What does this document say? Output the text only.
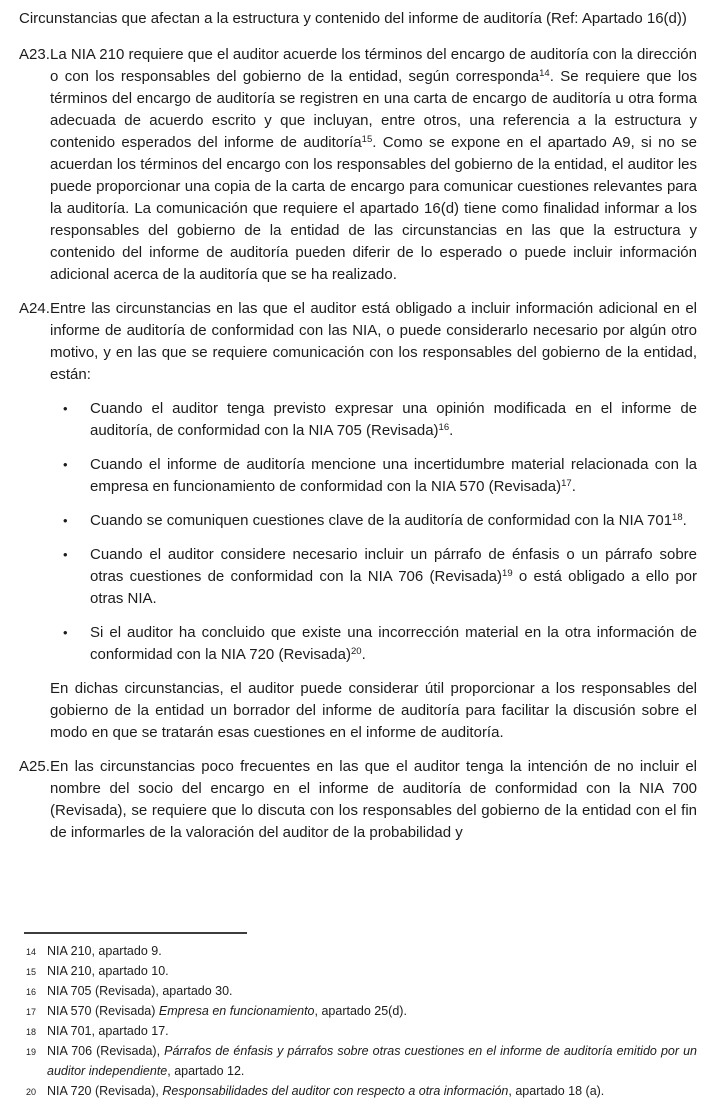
Circunstancias que afectan a la estructura y contenido del informe de auditoría (Ref: Apartado 16(d))
A23. La NIA 210 requiere que el auditor acuerde los términos del encargo de auditoría con la dirección o con los responsables del gobierno de la entidad, según corresponda$^{14}$. Se requiere que los términos del encargo de auditoría se registren en una carta de encargo de auditoría u otra forma adecuada de acuerdo escrito y que incluyan, entre otros, una referencia a la estructura y contenido esperados del informe de auditoría$^{15}$. Como se expone en el apartado A9, si no se acuerdan los términos del encargo con los responsables del gobierno de la entidad, el auditor les puede proporcionar una copia de la carta de encargo para comunicar cuestiones relevantes para la auditoría. La comunicación que requiere el apartado 16(d) tiene como finalidad informar a los responsables del gobierno de la entidad de las circunstancias en las que la estructura y contenido del informe de auditoría pueden diferir de lo esperado o puede incluir información adicional acerca de la auditoría que se ha realizado.
A24. Entre las circunstancias en las que el auditor está obligado a incluir información adicional en el informe de auditoría de conformidad con las NIA, o puede considerarlo necesario por algún otro motivo, y en las que se requiere comunicación con los responsables del gobierno de la entidad, están:
•	Cuando el auditor tenga previsto expresar una opinión modificada en el informe de auditoría, de conformidad con la NIA 705 (Revisada)$^{16}$.
•	Cuando el informe de auditoría mencione una incertidumbre material relacionada con la empresa en funcionamiento de conformidad con la NIA 570 (Revisada)$^{17}$.
•	Cuando se comuniquen cuestiones clave de la auditoría de conformidad con la NIA $701^{18}$.
•	Cuando el auditor considere necesario incluir un párrafo de énfasis o un párrafo sobre otras cuestiones de conformidad con la NIA 706 (Revisada)$^{19}$ o está obligado a ello por otras NIA.
•	Si el auditor ha concluido que existe una incorrección material en la otra información de conformidad con la NIA 720 (Revisada)$^{20}$.
En dichas circunstancias, el auditor puede considerar útil proporcionar a los responsables del gobierno de la entidad un borrador del informe de auditoría para facilitar la discusión sobre el modo en que se tratarán esas cuestiones en el informe de auditoría.
A25. En las circunstancias poco frecuentes en las que el auditor tenga la intención de no incluir el nombre del socio del encargo en el informe de auditoría de conformidad con la NIA 700 (Revisada), se requiere que lo discuta con los responsables del gobierno de la entidad con el fin de informarles de la valoración del auditor de la probabilidad y
14 NIA 210, apartado 9.
15 NIA 210, apartado 10.
16 NIA 705 (Revisada), apartado 30.
17 NIA 570 (Revisada) Empresa en funcionamiento, apartado 25(d).
18 NIA 701, apartado 17.
19 NIA 706 (Revisada), Párrafos de énfasis y párrafos sobre otras cuestiones en el informe de auditoría emitido por un auditor independiente, apartado 12.
20 NIA 720 (Revisada), Responsabilidades del auditor con respecto a otra información, apartado 18 (a).
